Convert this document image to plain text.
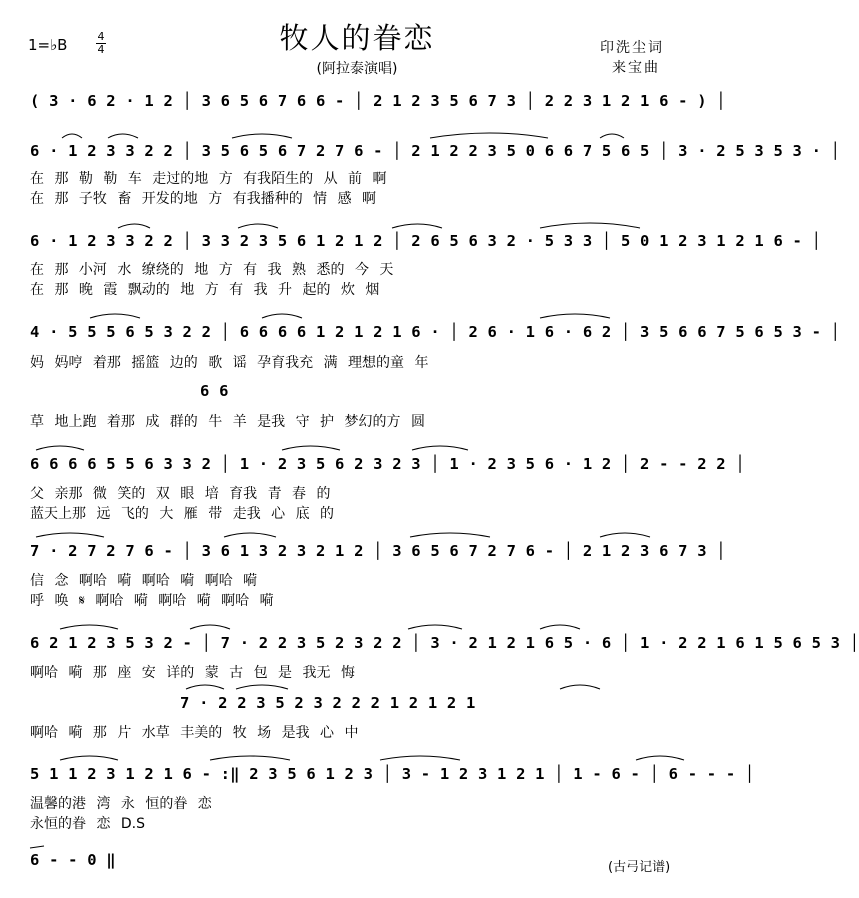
牧人的眷恋
(阿拉泰演唱)
1=♭B	4
4	印洗尘词
来宝曲
( 3 · 6 2 · 1 2 │ 3 6 5 6 7 6 6 - │ 2 1 2 3 5 6 7 3 │ 2 2 3 1 2 1 6 - ) │
6 · 1 2 3 3 2 2 │ 3 5 6 5 6 7 2 7 6 - │ 2 1 2 2 3 5 0 6 6 7 5 6 5 │ 3 · 2 5 3 5 3 · │
在 那 勒 勒 车 走过的地 方 有我陌生的 从 前 啊
在 那 子牧 畜 开发的地 方 有我播种的 情 感 啊
6 · 1 2 3 3 2 2 │ 3 3 2 3 5 6 1 2 1 2 │ 2 6 5 6 3 2 · 5 3 3 │ 5 0 1 2 3 1 2 1 6 - │
在 那 小河 水 缭绕的 地 方 有 我 熟 悉的 今 天
在 那 晚 霞 飘动的 地 方 有 我 升 起的 炊 烟
4 · 5 5 5 6 5 3 2 2 │ 6 6 6 6 1 2 1 2 1 6 · │ 2 6 · 1 6 · 6 2 │ 3 5 6 6 7 5 6 5 3 - │
妈 妈哼 着那 摇篮 边的 歌 谣 孕育我充 满 理想的童 年
6 6
草 地上跑 着那 成 群的 牛 羊 是我 守 护 梦幻的方 圆
6 6 6 6 5 5 6 3 3 2 │ 1 · 2 3 5 6 2 3 2 3 │ 1 · 2 3 5 6 · 1 2 │ 2 - - 2 2 │
父 亲那 微 笑的 双 眼 培 育我 青 春 的
蓝天上那 远 飞的 大 雁 带 走我 心 底 的
7 · 2 7 2 7 6 - │ 3 6 1 3 2 3 2 1 2 │ 3 6 5 6 7 2 7 6 - │ 2 1 2 3 6 7 3 │
信 念 啊哈 嗬 啊哈 嗬 啊哈 嗬
呼 唤 𝄋 啊哈 嗬 啊哈 嗬 啊哈 嗬
6 2 1 2 3 5 3 2 - │ 7 · 2 2 3 5 2 3 2 2 │ 3 · 2 1 2 1 6 5 · 6 │ 1 · 2 2 1 6 1 5 6 5 3 │
啊哈 嗬 那 座 安 详的 蒙 古 包 是 我无 悔
7 · 2 2 3 5 2 3 2 2 2 1 2 1 2 1
啊哈 嗬 那 片 水草 丰美的 牧 场 是我 心 中
5 1 1 2 3 1 2 1 6 - :‖ 2 3 5 6 1 2 3 │ 3 - 1 2 3 1 2 1 │ 1 - 6 - │ 6 - - - │
温馨的港 湾 永 恒的眷 恋
永恒的眷 恋 D.S
6 - - 0 ‖	(古弓记谱)
